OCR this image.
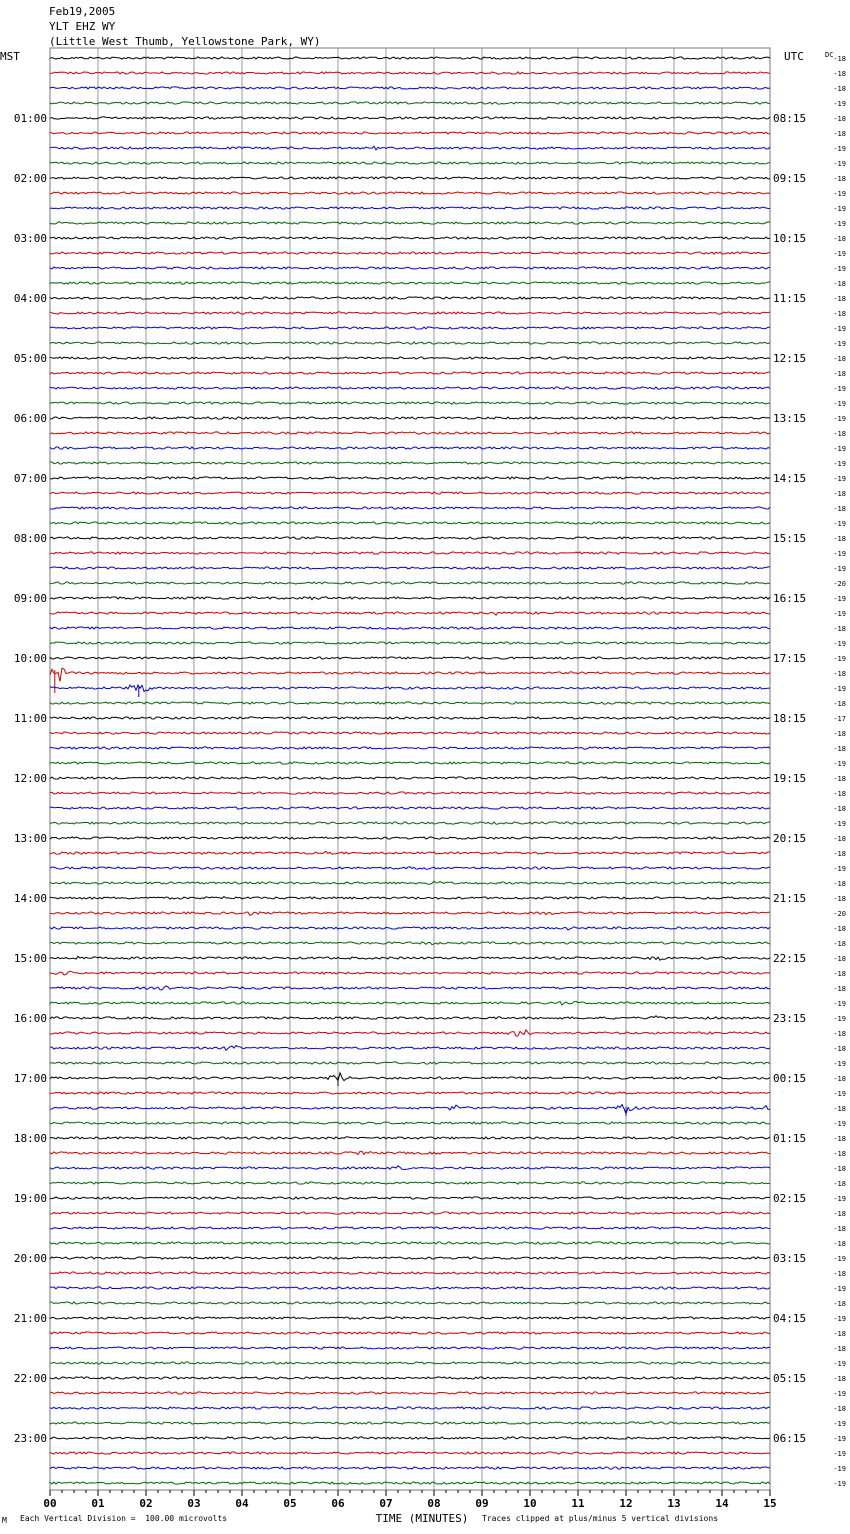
Feb19,2005
YLT EHZ WY
(Little West Thumb, Yellowstone Park, WY)
-18
-18
-18
-19
-18
-18
-19
-19
-18
-19
-19
-19
-18
-19
-19
-18
-18
-18
-19
-19
-18
-18
-19
-19
-19
-18
-19
-19
-19
-18
-18
-19
-18
-19
-19
-20
-19
-19
-18
-19
-19
-18
-19
-18
-17
-18
-18
-19
-18
-18
-18
-19
-18
-18
-19
-18
-18
-20
-18
-18
-18
-18
-18
-19
-19
-18
-18
-19
-18
-19
-18
-19
-18
-18
-18
-18
-19
-18
-18
-18
-19
-18
-19
-18
-19
-18
-18
-19
-18
-19
-18
-19
-19
-19
-19
-19
01:00
02:00
03:00
04:00
05:00
06:00
07:00
08:00
09:00
10:00
11:00
12:00
13:00
14:00
15:00
16:00
17:00
18:00
19:00
20:00
21:00
22:00
23:00
08:15
09:15
10:15
11:15
12:15
13:15
14:15
15:15
16:15
17:15
18:15
19:15
20:15
21:15
22:15
23:15
00:15
01:15
02:15
03:15
04:15
05:15
06:15
MST	UTC	DC
00	01	02	03	04	05	06	07	08	09	10	11	12	13	14	15
TIME (MINUTES)
M Each Vertical Division =  100.00 microvolts	Traces clipped at plus/minus 5 vertical divisions
